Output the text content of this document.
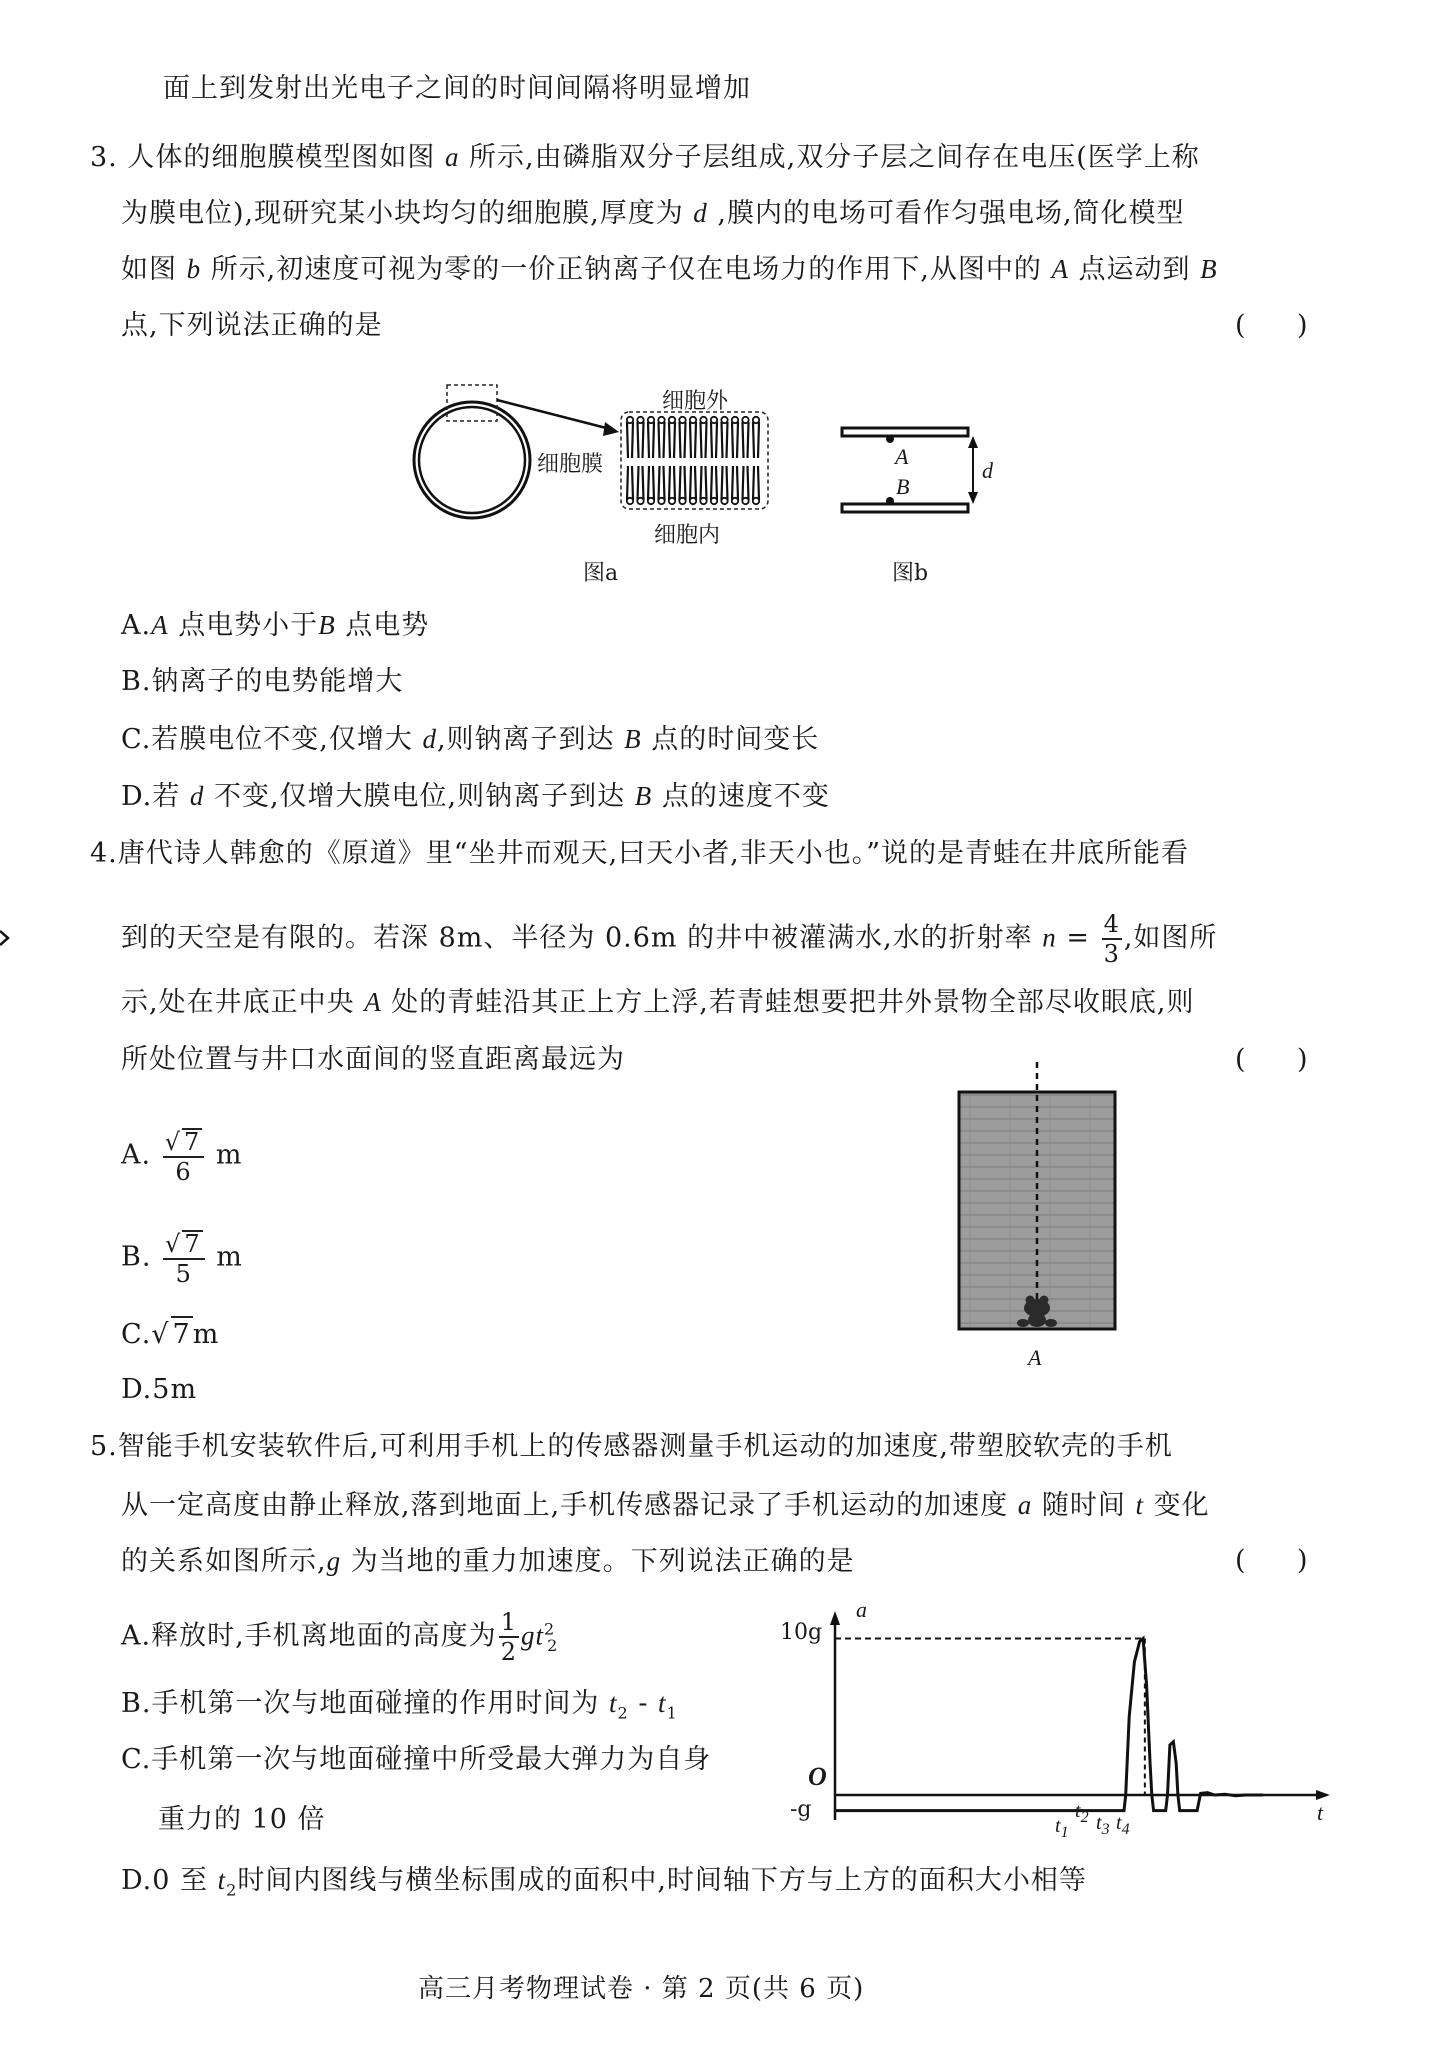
面上到发射出光电子之间的时间间隔将明显增加
3. 人体的细胞膜模型图如图 a 所示,由磷脂双分子层组成,双分子层之间存在电压(医学上称
为膜电位),现研究某小块均匀的细胞膜,厚度为 d ,膜内的电场可看作匀强电场,简化模型
如图 b 所示,初速度可视为零的一价正钠离子仅在电场力的作用下,从图中的 A 点运动到 B
点,下列说法正确的是	(      )
细胞外
细胞膜
细胞内
图a
A
B
d
图b
A.A 点电势小于B 点电势
B.钠离子的电势能增大
C.若膜电位不变,仅增大 d,则钠离子到达 B 点的时间变长
D.若 d 不变,仅增大膜电位,则钠离子到达 B 点的速度不变
4.唐代诗人韩愈的《原道》里“坐井而观天,曰天小者,非天小也。”说的是青蛙在井底所能看
到的天空是有限的。若深 8m、半径为 0.6m 的井中被灌满水,水的折射率 $n = \frac{4}{3}$ ,如图所
示,处在井底正中央 A 处的青蛙沿其正上方上浮,若青蛙想要把井外景物全部尽收眼底,则
所处位置与井口水面间的竖直距离最远为	(      )
A
A. $\frac{√ 7}{6}$ m
B. $\frac{√ 7}{5}$ m
C.√ 7m
D.5m
5.智能手机安装软件后,可利用手机上的传感器测量手机运动的加速度,带塑胶软壳的手机
从一定高度由静止释放,落到地面上,手机传感器记录了手机运动的加速度 a 随时间 t 变化
的关系如图所示,g 为当地的重力加速度。下列说法正确的是	(      )
A.释放时,手机离地面的高度为 $\frac{1}{2} gt^2_2$
B.手机第一次与地面碰撞的作用时间为 $t_2 - t_1$
C.手机第一次与地面碰撞中所受最大弹力为自身
重力的 10 倍
D.0 至 $t_2$时间内图线与横坐标围成的面积中,时间轴下方与上方的面积大小相等
10g
-g
O
a
t
$t_1$
$t_2$ $t_3$ $t_4$
高三月考物理试卷 · 第 2 页(共 6 页)
